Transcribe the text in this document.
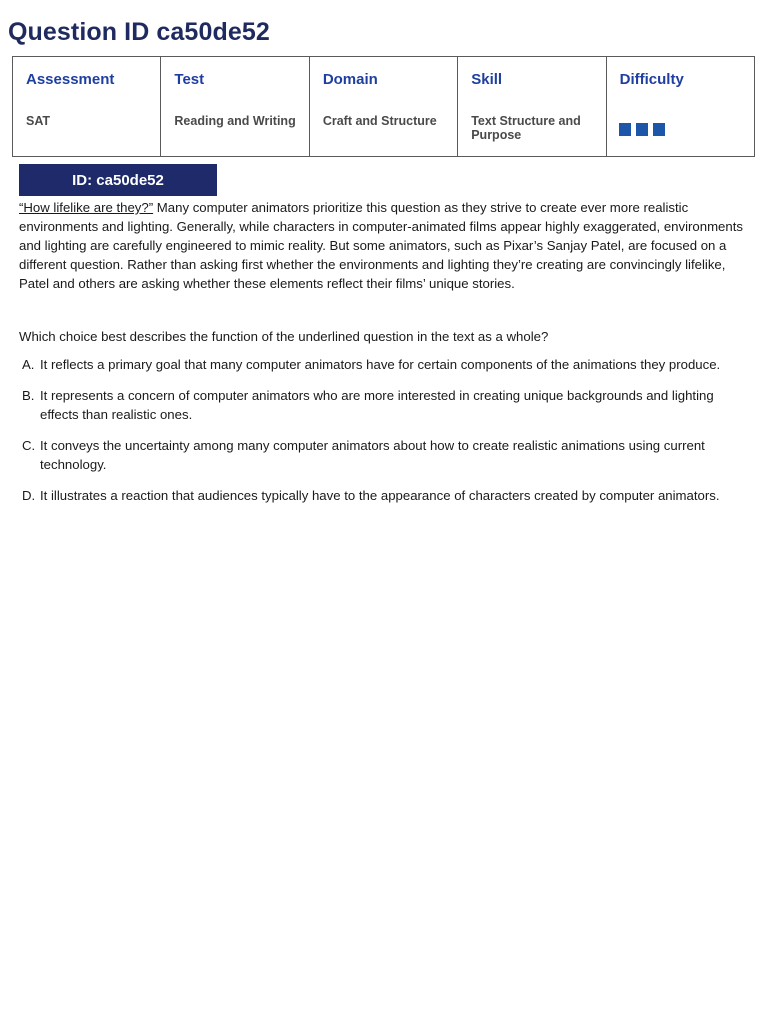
Question ID ca50de52
Assessment
SAT
Test
Reading and Writing
Domain
Craft and Structure
Skill
Text Structure and Purpose
Difficulty
ID: ca50de52

“How lifelike are they?” Many computer animators prioritize this question as they strive to create ever more realistic environments and lighting. Generally, while characters in computer-animated films appear highly exaggerated, environments and lighting are carefully engineered to mimic reality. But some animators, such as Pixar’s Sanjay Patel, are focused on a different question. Rather than asking first whether the environments and lighting they’re creating are convincingly lifelike, Patel and others are asking whether these elements reflect their films’ unique stories.

Which choice best describes the function of the underlined question in the text as a whole?

A. It reflects a primary goal that many computer animators have for certain components of the animations they produce.
B. It represents a concern of computer animators who are more interested in creating unique backgrounds and lighting effects than realistic ones.
C. It conveys the uncertainty among many computer animators about how to create realistic animations using current technology.
D. It illustrates a reaction that audiences typically have to the appearance of characters created by computer animators.
